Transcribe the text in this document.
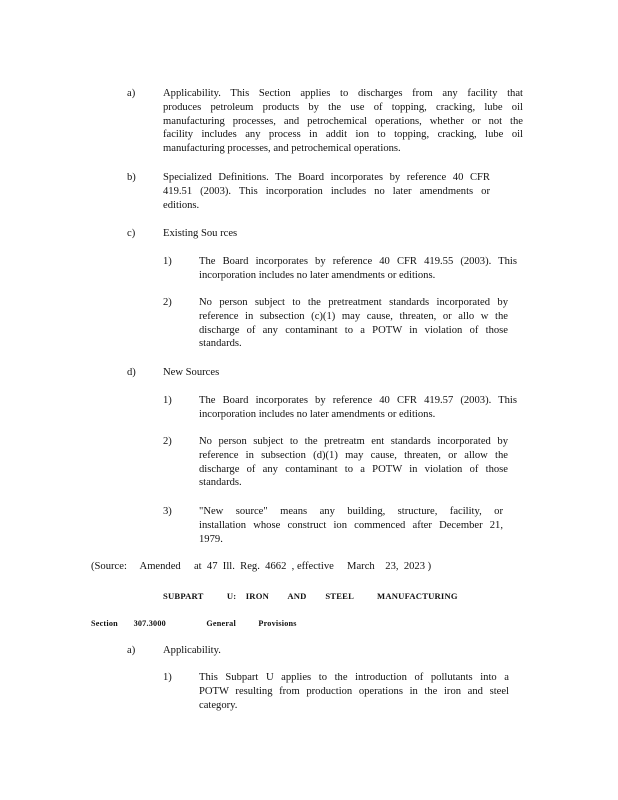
a)	Applicability. This Section applies to discharges from any facility that
produces petroleum products by the use of topping, cracking, lube oil
manufacturing processes, and petrochemical operations, whether or not the
facility includes any process in addit ion to topping, cracking, lube oil
manufacturing processes, and petrochemical operations.
b)	Specialized Definitions. The Board incorporates by reference 40 CFR
419.51 (2003). This incorporation includes no later amendments or
editions.
c)	Existing Sou rces
1)	The Board incorporates by reference 40 CFR 419.55 (2003). This
incorporation includes no later amendments or editions.
2)	No person subject to the pretreatment standards incorporated by
reference in subsection (c)(1) may cause, threaten, or allo w the
discharge of any contaminant to a POTW in violation of those
standards.
d)	New Sources
1)	The Board incorporates by reference 40 CFR 419.57 (2003). This
incorporation includes no later amendments or editions.
2)	No person subject to the pretreatm ent standards incorporated by
reference in subsection (d)(1) may cause, threaten, or allow the
discharge of any contaminant to a POTW in violation of those
standards.
3)	"New source" means any building, structure, facility, or
installation whose construct ion commenced after December 21,
1979.
(Source:     Amended     at  47  Ill.  Reg.  4662  , effective     March    23,  2023 )
SUBPART          U:    IRON        AND        STEEL          MANUFACTURING
Section       307.3000                  General          Provisions
a)	Applicability.
1)	This Subpart U applies to the introduction of pollutants into a
POTW resulting from production operations in the iron and steel
category.
